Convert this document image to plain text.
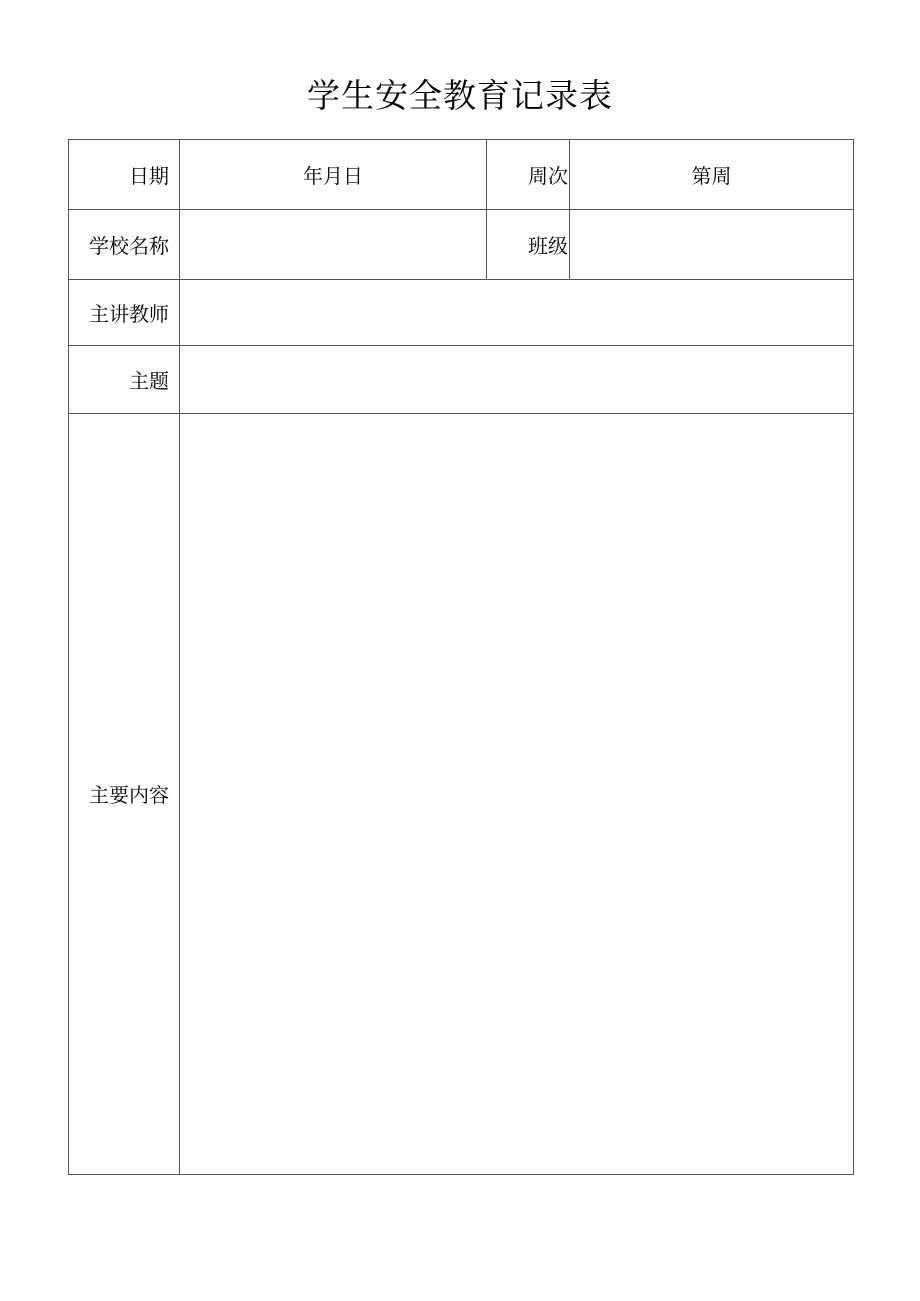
学生安全教育记录表
日期	年月日	周次	第周
学校名称		班级	
主讲教师			
主题			
主要内容			
